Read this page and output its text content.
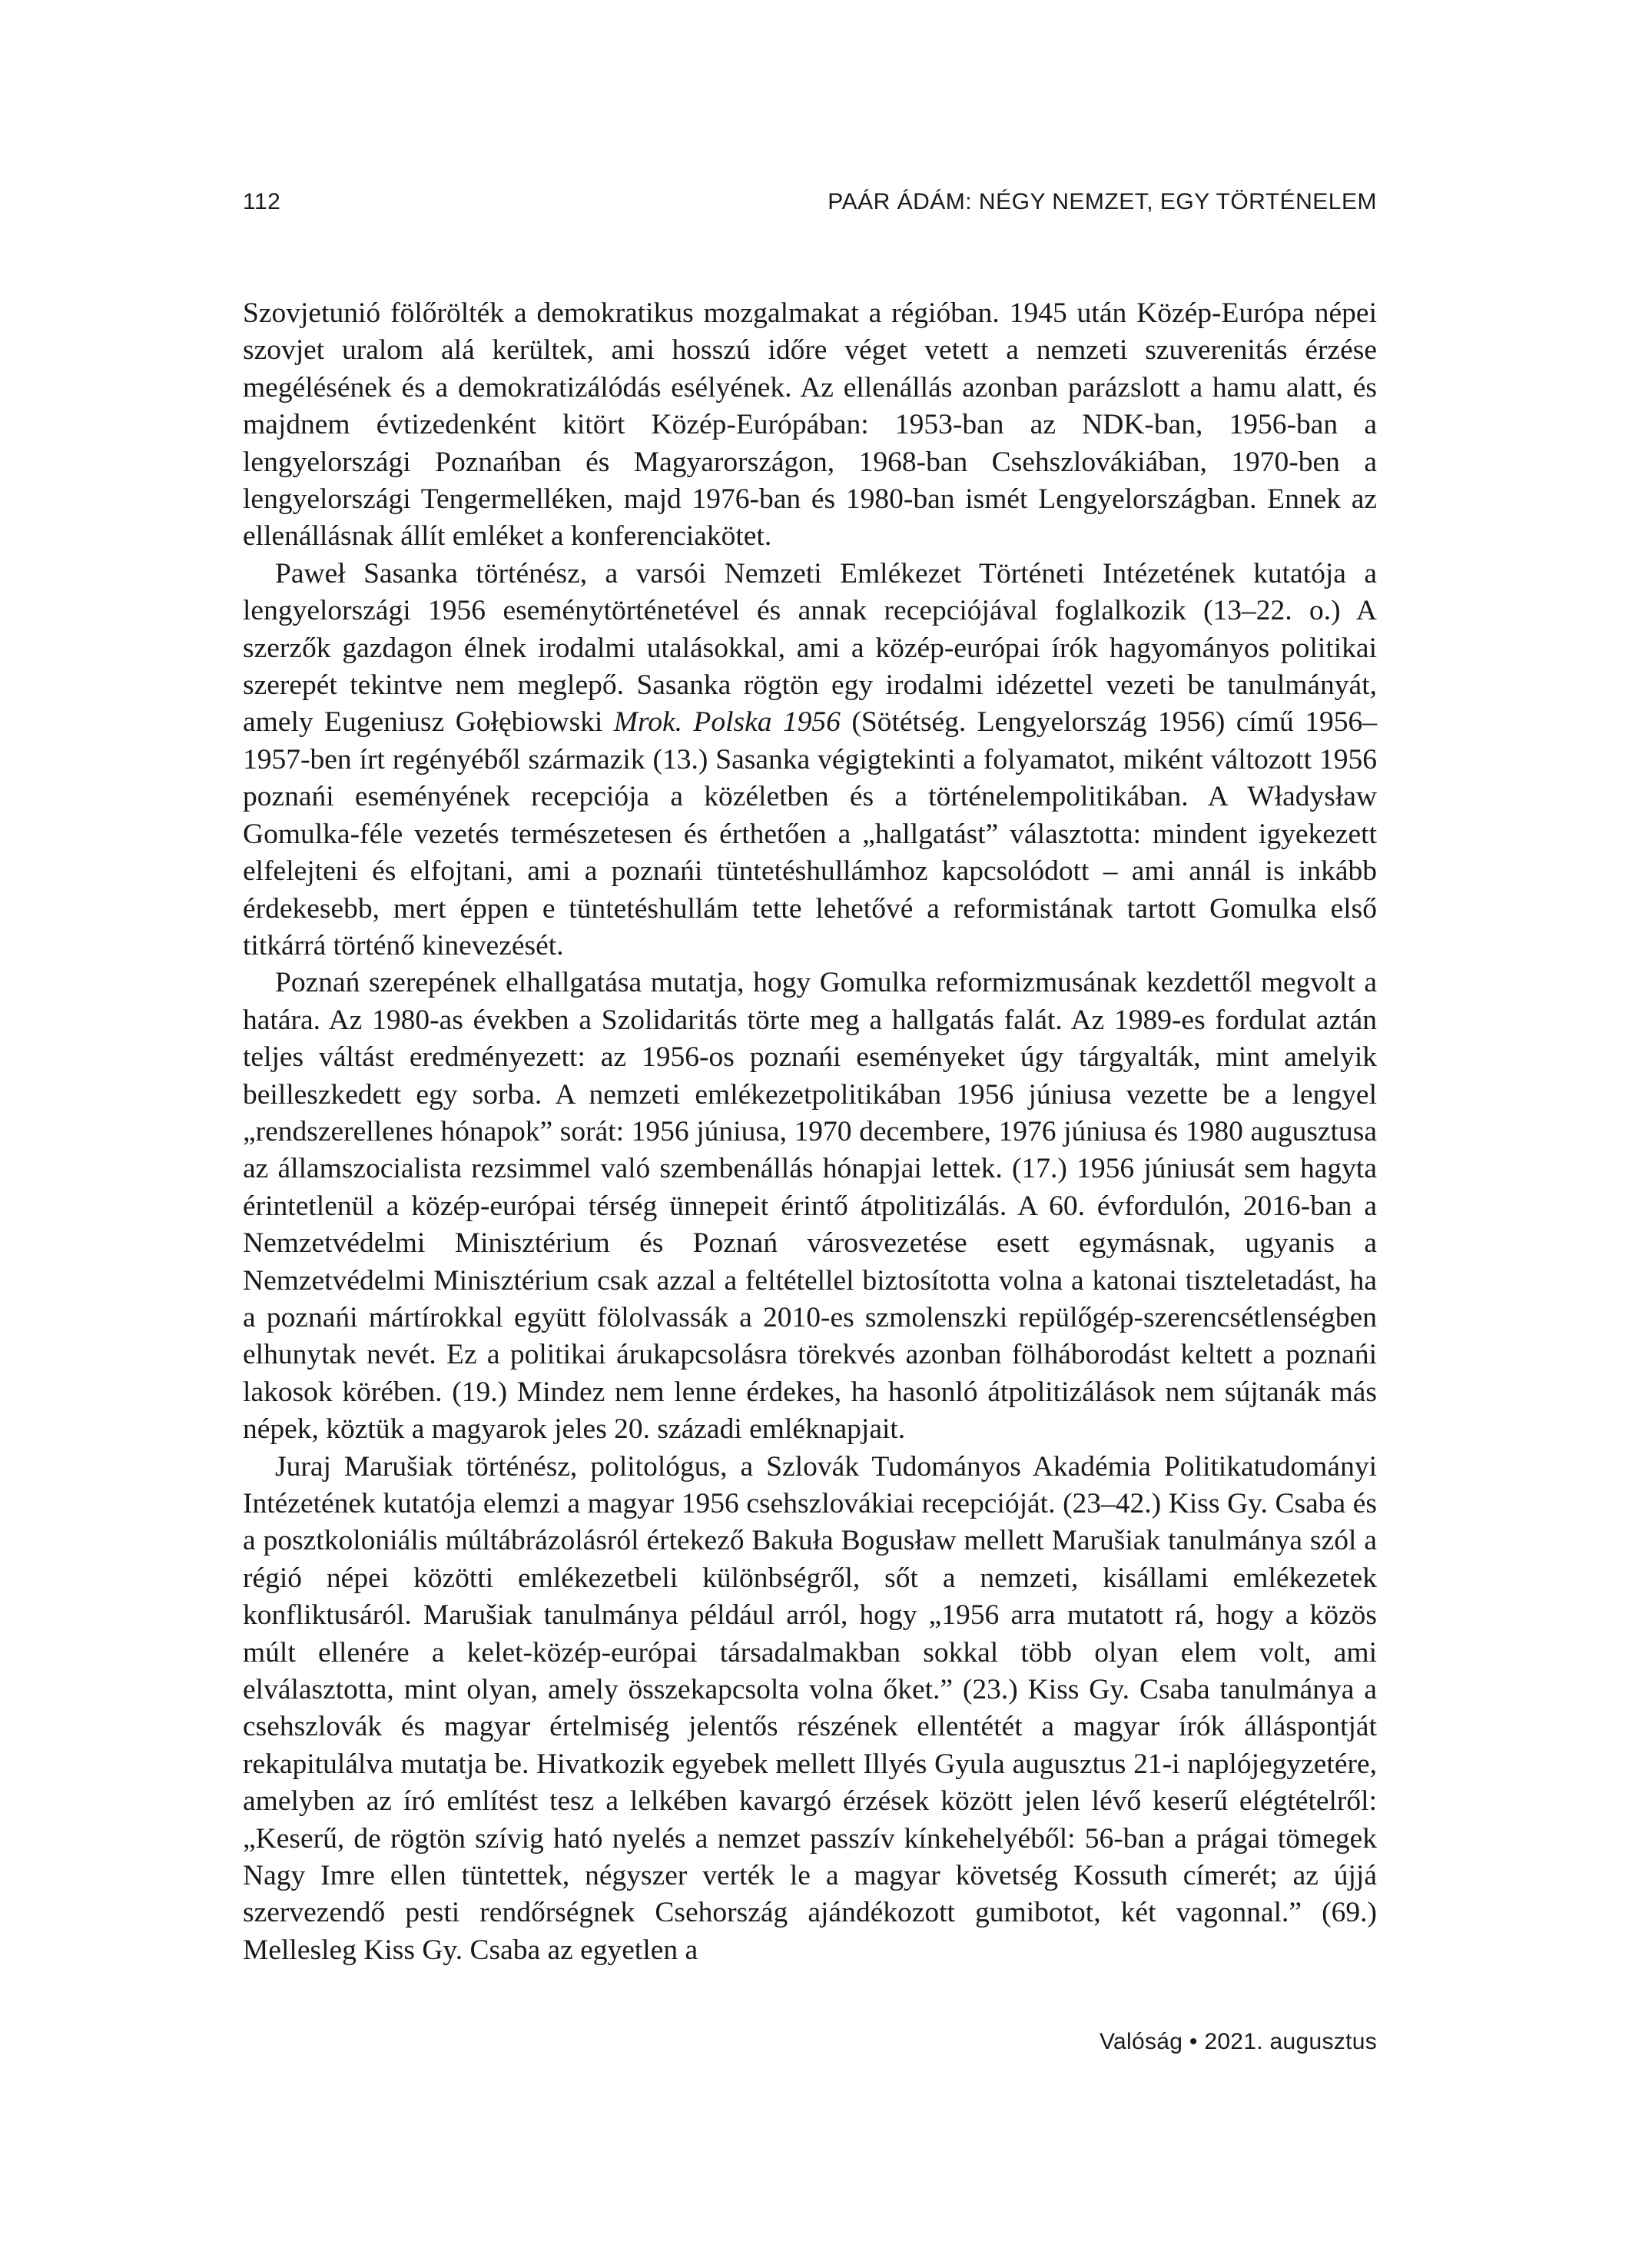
112	PAÁR ÁDÁM: NÉGY NEMZET, EGY TÖRTÉNELEM

Szovjetunió fölőrölték a demokratikus mozgalmakat a régióban. 1945 után Közép-Európa népei szovjet uralom alá kerültek, ami hosszú időre véget vetett a nemzeti szuverenitás érzése megélésének és a demokratizálódás esélyének. Az ellenállás azonban parázslott a hamu alatt, és majdnem évtizedenként kitört Közép-Európában: 1953-ban az NDK-ban, 1956-ban a lengyelországi Poznańban és Magyarországon, 1968-ban Csehszlovákiában, 1970-ben a lengyelországi Tengermelléken, majd 1976-ban és 1980-ban ismét Lengyelországban. Ennek az ellenállásnak állít emléket a konferenciakötet.

Paweł Sasanka történész, a varsói Nemzeti Emlékezet Történeti Intézetének kutatója a lengyelországi 1956 eseménytörténetével és annak recepciójával foglalkozik (13–22. o.) A szerzők gazdagon élnek irodalmi utalásokkal, ami a közép-európai írók hagyományos politikai szerepét tekintve nem meglepő. Sasanka rögtön egy irodalmi idézettel vezeti be tanulmányát, amely Eugeniusz Gołębiowski Mrok. Polska 1956 (Sötétség. Lengyelország 1956) című 1956–1957-ben írt regényéből származik (13.) Sasanka végigtekinti a folyamatot, miként változott 1956 poznańi eseményének recepciója a közéletben és a történelempolitikában. A Władysław Gomulka-féle vezetés természetesen és érthetően a „hallgatást” választotta: mindent igyekezett elfelejteni és elfojtani, ami a poznańi tüntetéshullámhoz kapcsolódott – ami annál is inkább érdekesebb, mert éppen e tüntetéshullám tette lehetővé a reformistának tartott Gomulka első titkárrá történő kinevezését.

Poznań szerepének elhallgatása mutatja, hogy Gomulka reformizmusának kezdettől megvolt a határa. Az 1980-as években a Szolidaritás törte meg a hallgatás falát. Az 1989-es fordulat aztán teljes váltást eredményezett: az 1956-os poznańi eseményeket úgy tárgyalták, mint amelyik beilleszkedett egy sorba. A nemzeti emlékezetpolitikában 1956 júniusa vezette be a lengyel „rendszerellenes hónapok” sorát: 1956 júniusa, 1970 decembere, 1976 júniusa és 1980 augusztusa az államszocialista rezsimmel való szembenállás hónapjai lettek. (17.) 1956 júniusát sem hagyta érintetlenül a közép-európai térség ünnepeit érintő átpolitizálás. A 60. évfordulón, 2016-ban a Nemzetvédelmi Minisztérium és Poznań városvezetése esett egymásnak, ugyanis a Nemzetvédelmi Minisztérium csak azzal a feltétellel biztosította volna a katonai tiszteletadást, ha a poznańi mártírokkal együtt fölolvassák a 2010-es szmolenszki repülőgép-szerencsétlenségben elhunytak nevét. Ez a politikai árukapcsolásra törekvés azonban fölháborodást keltett a poznańi lakosok körében. (19.) Mindez nem lenne érdekes, ha hasonló átpolitizálások nem sújtanák más népek, köztük a magyarok jeles 20. századi emléknapjait.

Juraj Marušiak történész, politológus, a Szlovák Tudományos Akadémia Politikatudományi Intézetének kutatója elemzi a magyar 1956 csehszlovákiai recepcióját. (23–42.) Kiss Gy. Csaba és a posztkoloniális múltábrázolásról értekező Bakuła Bogusław mellett Marušiak tanulmánya szól a régió népei közötti emlékezetbeli különbségről, sőt a nemzeti, kisállami emlékezetek konfliktusáról. Marušiak tanulmánya például arról, hogy „1956 arra mutatott rá, hogy a közös múlt ellenére a kelet-közép-európai társadalmakban sokkal több olyan elem volt, ami elválasztotta, mint olyan, amely összekapcsolta volna őket.” (23.) Kiss Gy. Csaba tanulmánya a csehszlovák és magyar értelmiség jelentős részének ellentétét a magyar írók álláspontját rekapitulálva mutatja be. Hivatkozik egyebek mellett Illyés Gyula augusztus 21-i naplójegyzetére, amelyben az író említést tesz a lelkében kavargó érzések között jelen lévő keserű elégtételről: „Keserű, de rögtön szívig ható nyelés a nemzet passzív kínkehelyéből: 56-ban a prágai tömegek Nagy Imre ellen tüntettek, négyszer verték le a magyar követség Kossuth címerét; az újjá szervezendő pesti rendőrségnek Csehország ajándékozott gumibotot, két vagonnal.” (69.) Mellesleg Kiss Gy. Csaba az egyetlen a

Valóság • 2021. augusztus
